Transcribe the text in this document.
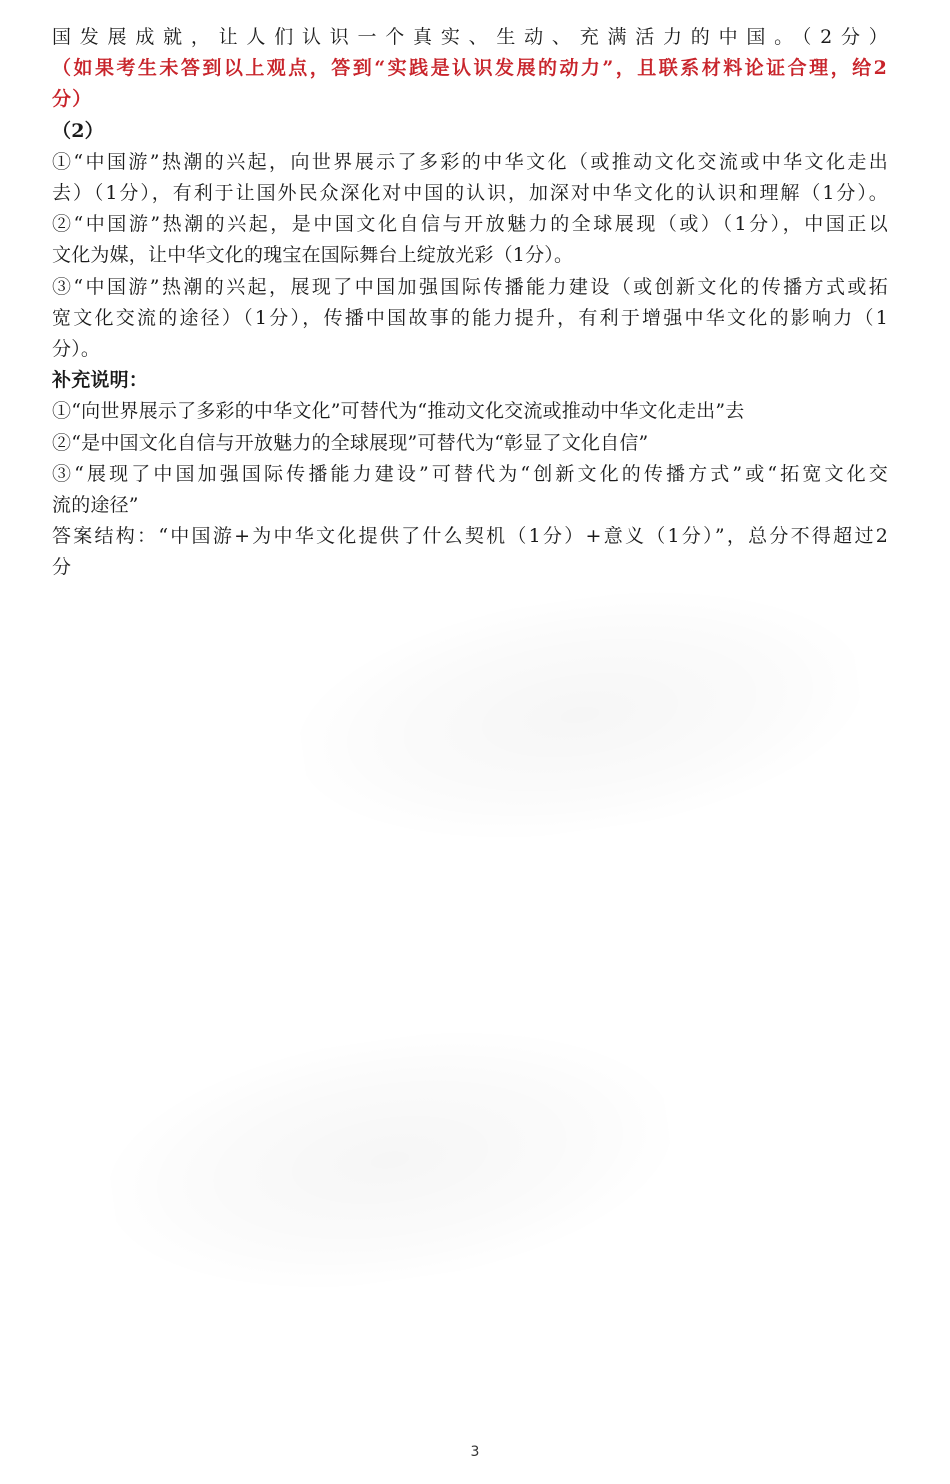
国发展成就，让人们认识一个真实、生动、充满活力的中国。（2分）
（如果考生未答到以上观点，答到“实践是认识发展的动力”，且联系材料论证合理，给2
分）
（2）
①“中国游”热潮的兴起，向世界展示了多彩的中华文化（或推动文化交流或中华文化走出
去）（1分），有利于让国外民众深化对中国的认识，加深对中华文化的认识和理解（1分）。
②“中国游”热潮的兴起，是中国文化自信与开放魅力的全球展现（或）（1分），中国正以
文化为媒，让中华文化的瑰宝在国际舞台上绽放光彩（1分）。
③“中国游”热潮的兴起，展现了中国加强国际传播能力建设（或创新文化的传播方式或拓
宽文化交流的途径）（1分），传播中国故事的能力提升，有利于增强中华文化的影响力（1
分）。
补充说明：
①“向世界展示了多彩的中华文化”可替代为“推动文化交流或推动中华文化走出”去
②“是中国文化自信与开放魅力的全球展现”可替代为“彰显了文化自信”
③“展现了中国加强国际传播能力建设”可替代为“创新文化的传播方式”或“拓宽文化交
流的途径”
答案结构：“中国游+为中华文化提供了什么契机（1分）+意义（1分）”，总分不得超过2
分
3
